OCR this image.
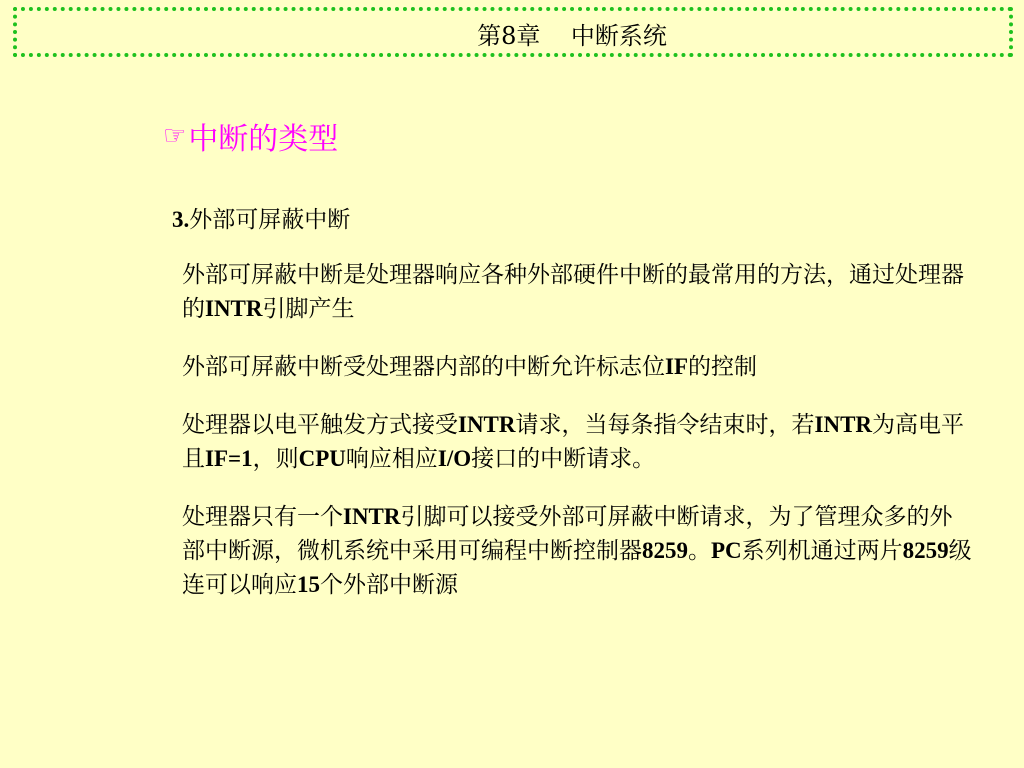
第8章    中断系统
☞ 中断的类型
3.外部可屏蔽中断

外部可屏蔽中断是处理器响应各种外部硬件中断的最常用的方法，通过处理器的INTR引脚产生

外部可屏蔽中断受处理器内部的中断允许标志位IF的控制

处理器以电平触发方式接受INTR请求，当每条指令结束时，若INTR为高电平且IF=1，则CPU响应相应I/O接口的中断请求。

处理器只有一个INTR引脚可以接受外部可屏蔽中断请求，为了管理众多的外部中断源，微机系统中采用可编程中断控制器8259。PC系列机通过两片8259级连可以响应15个外部中断源
